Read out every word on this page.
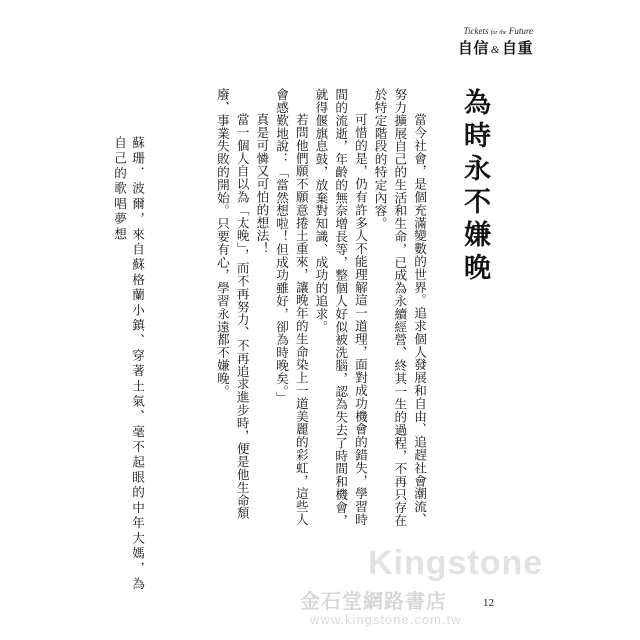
Tickets for the Future
自信 & 自重
為時永不嫌晚

當今社會，是個充滿變數的世界。追求個人發展和自由、追趕社會潮流、努力擴展自己的生活和生命，已成為永續經營、終其一生的過程，不再只存在於特定階段的特定內容。

可惜的是，仍有許多人不能理解這一道理，面對成功機會的錯失，學習時間的流逝，年齡的無奈增長等，整個人好似被洗腦，認為失去了時間和機會，就得偃旗息鼓，放棄對知識、成功的追求。

若問他們願不願意捲土重來，讓晚年的生命染上一道美麗的彩虹，這些人會感歎地說：「當然想啦！但成功雖好，卻為時晚矣。」

真是可憐又可怕的想法！

當一個人自以為「太晚」，而不再努力、不再追求進步時，便是他生命頹廢、事業失敗的開始。只要有心，學習永遠都不嫌晚。

蘇珊．波爾，來自蘇格蘭小鎮、穿著土氣、毫不起眼的中年大媽，為自己的歌唱夢想
12
Kingstone
金石堂網路書店
www.kingstone.com.tw
